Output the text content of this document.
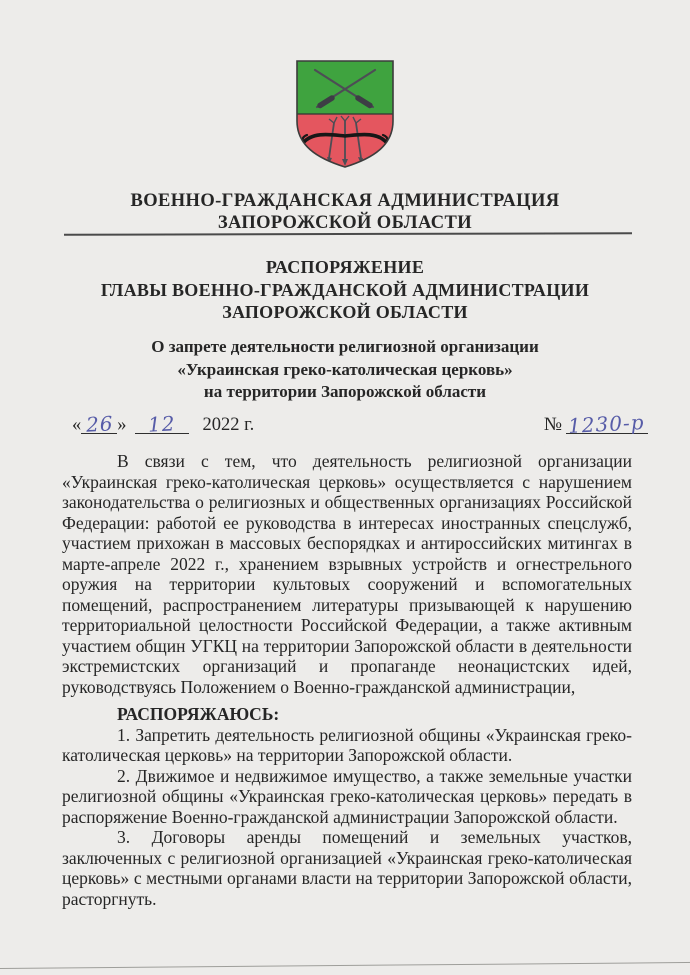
ВОЕННО-ГРАЖДАНСКАЯ АДМИНИСТРАЦИЯ
ЗАПОРОЖСКОЙ ОБЛАСТИ
РАСПОРЯЖЕНИЕ
ГЛАВЫ ВОЕННО-ГРАЖДАНСКОЙ АДМИНИСТРАЦИИ
ЗАПОРОЖСКОЙ ОБЛАСТИ
О запрете деятельности религиозной организации
«Украинская греко-католическая церковь»
на территории Запорожской области
« 26 » 12 2022 г.	№ 1230-р

В связи с тем, что деятельность религиозной организации «Украинская греко-католическая церковь» осуществляется с нарушением законодательства о религиозных и общественных организациях Российской Федерации: работой ее руководства в интересах иностранных спецслужб, участием прихожан в массовых беспорядках и антироссийских митингах в марте-апреле 2022 г., хранением взрывных устройств и огнестрельного оружия на территории культовых сооружений и вспомогательных помещений, распространением литературы призывающей к нарушению территориальной целостности Российской Федерации, а также активным участием общин УГКЦ на территории Запорожской области в деятельности экстремистских организаций и пропаганде неонацистских идей, руководствуясь Положением о Военно-гражданской администрации,

РАСПОРЯЖАЮСЬ:

1. Запретить деятельность религиозной общины «Украинская греко-католическая церковь» на территории Запорожской области.

2. Движимое и недвижимое имущество, а также земельные участки религиозной общины «Украинская греко-католическая церковь» передать в распоряжение Военно-гражданской администрации Запорожской области.

3. Договоры аренды помещений и земельных участков, заключенных с религиозной организацией «Украинская греко-католическая церковь» с местными органами власти на территории Запорожской области, расторгнуть.
